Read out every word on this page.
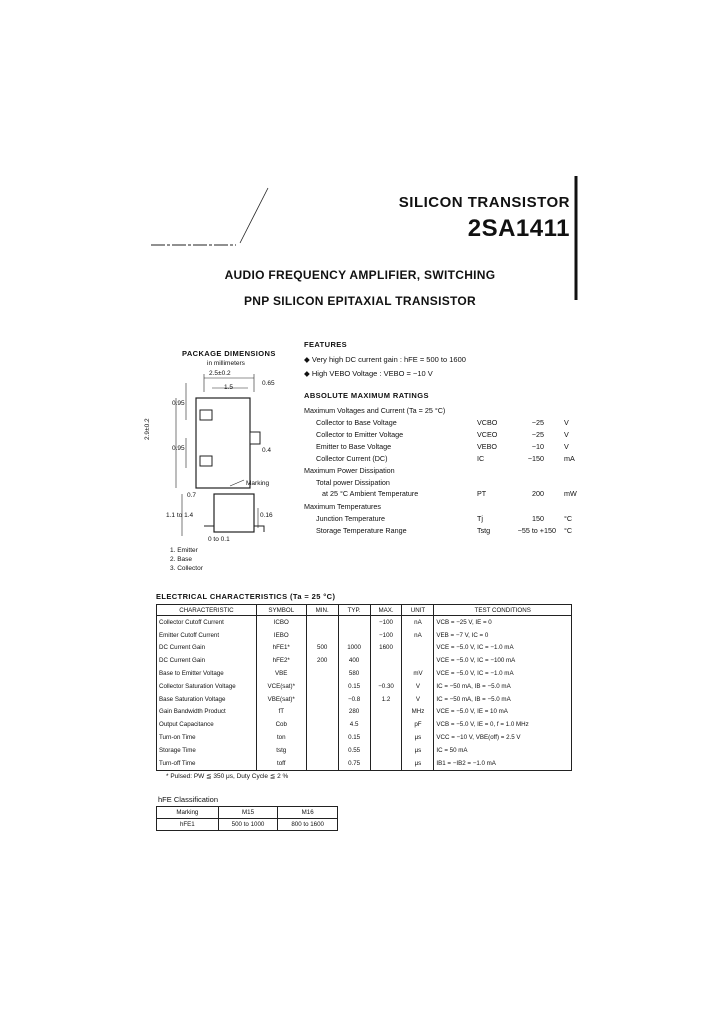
SILICON TRANSISTOR
2SA1411
AUDIO FREQUENCY AMPLIFIER, SWITCHING
PNP SILICON EPITAXIAL TRANSISTOR
PACKAGE DIMENSIONS
in millimeters
2.5±0.2
1.5
0.65
2.9±0.2
0.95
0.95	0.4
0.7
1.1 to 1.4	0.16
0 to 0.1
Marking
1. Emitter
2. Base
3. Collector
FEATURES
◆ Very high DC current gain : hFE = 500 to 1600
◆ High VEBO Voltage : VEBO = −10 V
ABSOLUTE MAXIMUM RATINGS
Maximum Voltages and Current (Ta = 25 °C)
Collector to Base Voltage	VCBO	−25	V
Collector to Emitter Voltage	VCEO	−25	V
Emitter to Base Voltage	VEBO	−10	V
Collector Current (DC)	IC	−150	mA
Maximum Power Dissipation
Total power Dissipation
at 25 °C Ambient Temperature	PT	200	mW
Maximum Temperatures
Junction Temperature	Tj	150	°C
Storage Temperature Range	Tstg	−55 to +150 °C
ELECTRICAL CHARACTERISTICS (Ta = 25 °C)
CHARACTERISTIC	SYMBOL	MIN.	TYP.	MAX.	UNIT	TEST CONDITIONS
Collector Cutoff Current	ICBO			−100	nA	VCB = −25 V, IE = 0
Emitter Cutoff Current	IEBO			−100	nA	VEB = −7 V, IC = 0
DC Current Gain	hFE1*	500	1000	1600		VCE = −5.0 V, IC = −1.0 mA
DC Current Gain	hFE2*	200	400			VCE = −5.0 V, IC = −100 mA
Base to Emitter Voltage	VBE		580		mV	VCE = −5.0 V, IC = −1.0 mA
Collector Saturation Voltage	VCE(sat)*		0.15	−0.30	V	IC = −50 mA, IB = −5.0 mA
Base Saturation Voltage	VBE(sat)*		−0.8	1.2	V	IC = −50 mA, IB = −5.0 mA
Gain Bandwidth Product	fT		280		MHz	VCE = −5.0 V, IE = 10 mA
Output Capacitance	Cob		4.5		pF	VCB = −5.0 V, IE = 0, f = 1.0 MHz
Turn-on Time	ton		0.15		μs	VCC = −10 V, VBE(off) = 2.5 V
Storage Time	tstg		0.55		μs	IC = 50 mA
Turn-off Time	toff		0.75		μs	IB1 = −IB2 = −1.0 mA
* Pulsed: PW ≦ 350 μs, Duty Cycle ≦ 2 %
hFE Classification
Marking	M15	M16
hFE1	500 to 1000	800 to 1600
